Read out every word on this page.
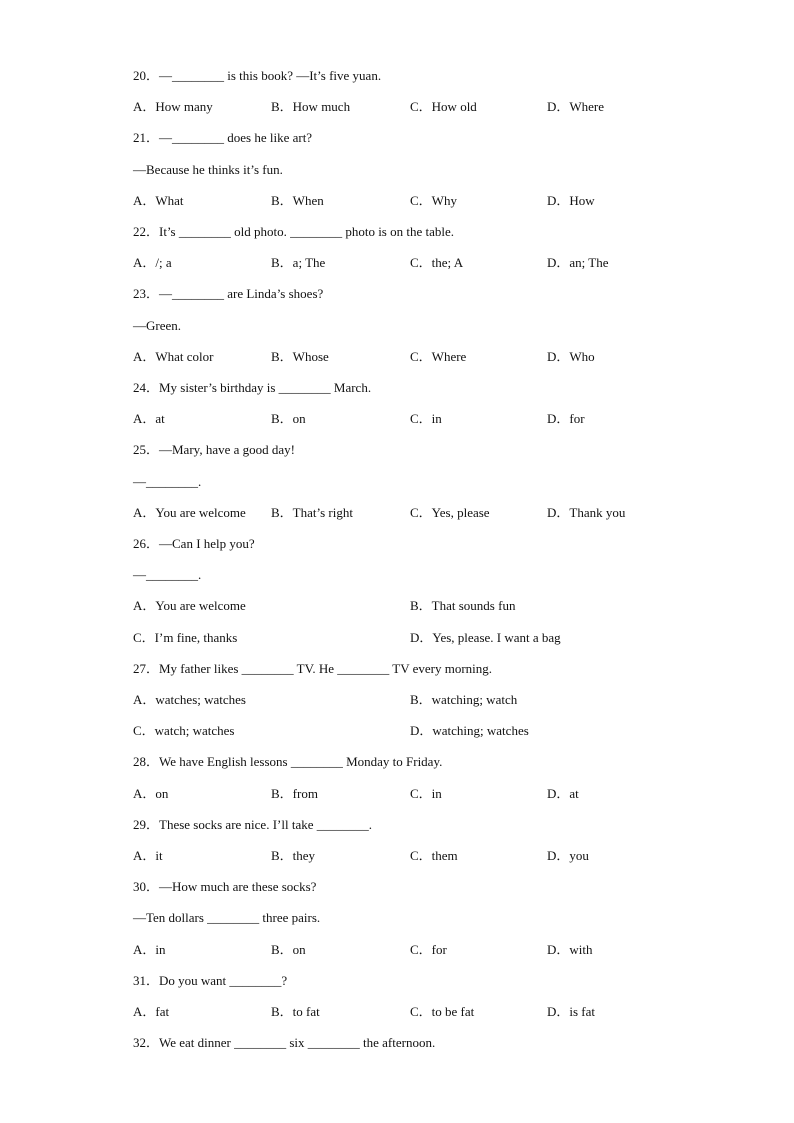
20．—________ is this book? —It’s five yuan.
A．How many	B．How much	C．How old	D．Where
21．—________ does he like art?
—Because he thinks it’s fun.
A．What	B．When	C．Why	D．How
22．It’s ________ old photo. ________ photo is on the table.
A．/; a	B．a; The	C．the; A	D．an; The
23．—________ are Linda’s shoes?
—Green.
A．What color	B．Whose	C．Where	D．Who
24．My sister’s birthday is ________ March.
A．at	B．on	C．in	D．for
25．—Mary, have a good day!
—________.
A．You are welcome B．That’s right	C．Yes, please	D．Thank you
26．—Can I help you?
—________.
A．You are welcome	B．That sounds fun
C．I’m fine, thanks	D．Yes, please. I want a bag
27．My father likes ________ TV. He ________ TV every morning.
A．watches; watches	B．watching; watch
C．watch; watches	D．watching; watches
28．We have English lessons ________ Monday to Friday.
A．on	B．from	C．in	D．at
29．These socks are nice. I’ll take ________.
A．it	B．they	C．them	D．you
30．—How much are these socks?
—Ten dollars ________ three pairs.
A．in	B．on	C．for	D．with
31．Do you want ________?
A．fat	B．to fat	C．to be fat	D．is fat
32．We eat dinner ________ six ________ the afternoon.
